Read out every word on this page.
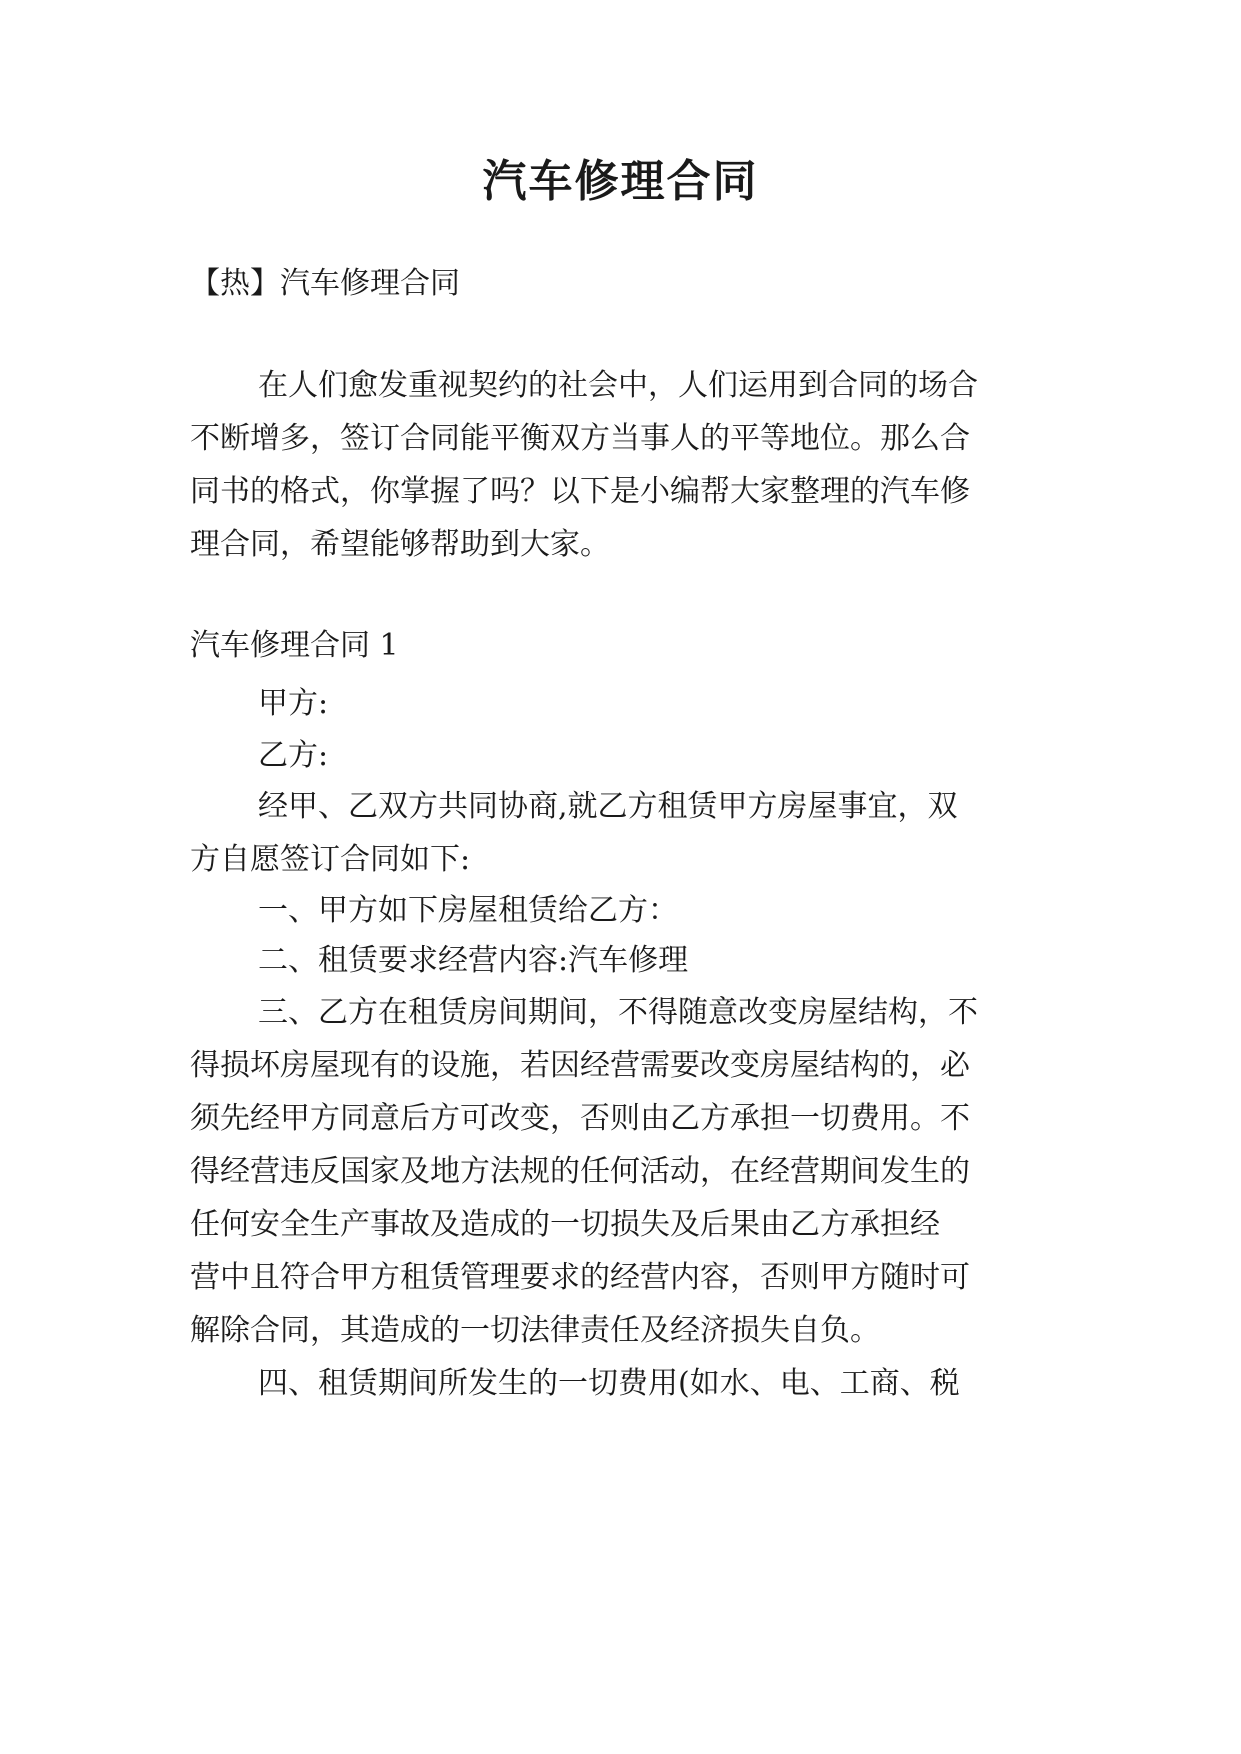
汽车修理合同
【热】汽车修理合同
在人们愈发重视契约的社会中，人们运用到合同的场合
不断增多，签订合同能平衡双方当事人的平等地位。那么合
同书的格式，你掌握了吗？以下是小编帮大家整理的汽车修
理合同，希望能够帮助到大家。
汽车修理合同 1
甲方:
乙方:
经甲、乙双方共同协商,就乙方租赁甲方房屋事宜，双
方自愿签订合同如下:
一、甲方如下房屋租赁给乙方：
二、租赁要求经营内容:汽车修理
三、乙方在租赁房间期间，不得随意改变房屋结构，不
得损坏房屋现有的设施，若因经营需要改变房屋结构的，必
须先经甲方同意后方可改变，否则由乙方承担一切费用。不
得经营违反国家及地方法规的任何活动，在经营期间发生的
任何安全生产事故及造成的一切损失及后果由乙方承担经
营中且符合甲方租赁管理要求的经营内容，否则甲方随时可
解除合同，其造成的一切法律责任及经济损失自负。
四、租赁期间所发生的一切费用(如水、电、工商、税
